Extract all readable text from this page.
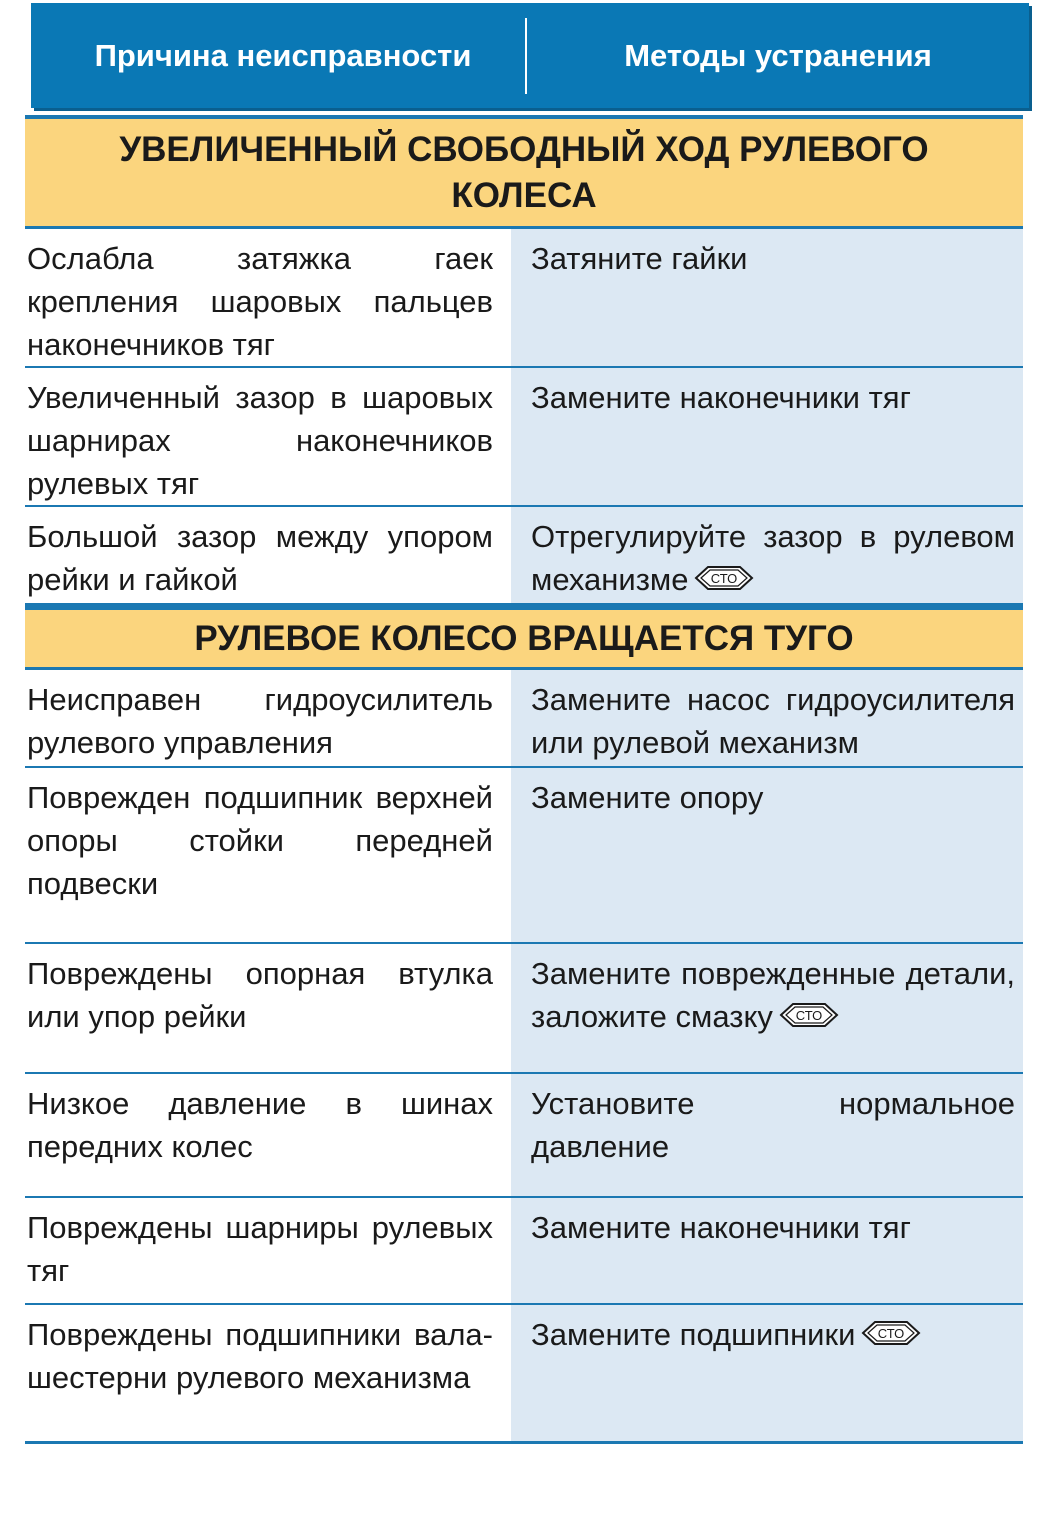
Причина неисправности	Методы устранения
УВЕЛИЧЕННЫЙ СВОБОДНЫЙ ХОД РУЛЕВОГО КОЛЕСА
Ослабла затяжка гаек крепления шаровых пальцев наконечников тяг
Затяните гайки
Увеличенный зазор в шаровых шарнирах наконечников рулевых тяг
Замените наконечники тяг
Большой зазор между упором рейки и гайкой
Отрегулируйте зазор в рулевом механизме СТО
РУЛЕВОЕ КОЛЕСО ВРАЩАЕТСЯ ТУГО
Неисправен гидроусилитель рулевого управления
Замените насос гидроусилителя или рулевой механизм
Поврежден подшипник верхней опоры стойки передней подвески
Замените опору
Повреждены опорная втулка или упор рейки
Замените поврежденные детали, заложите смазку СТО
Низкое давление в шинах передних колес
Установите нормальное давление
Повреждены шарниры рулевых тяг
Замените наконечники тяг
Повреждены подшипники вала-шестерни рулевого механизма
Замените подшипники СТО
